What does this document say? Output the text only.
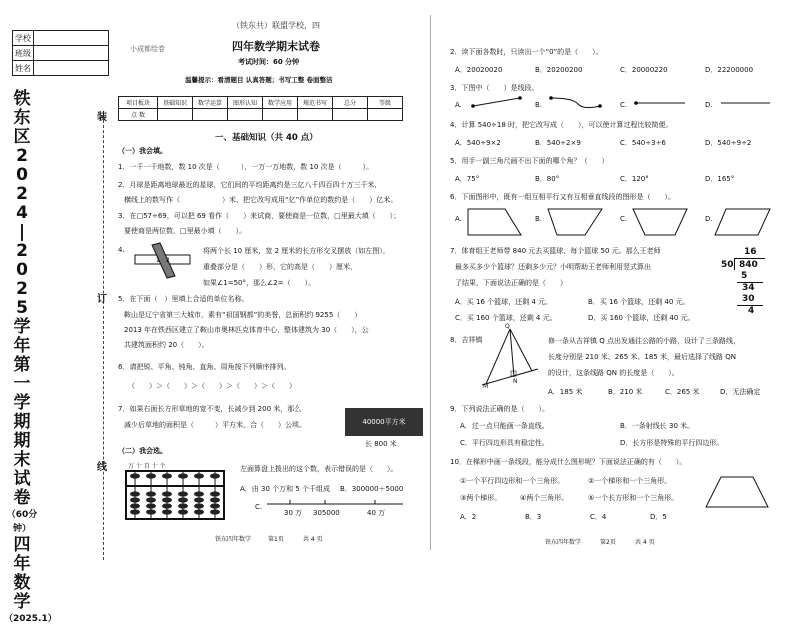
学校	
班级	
姓名	
铁
东
区
2
0
2
4
|
2
0
2
5
学
年
第
一
学
期
期
末
试
卷
（60分钟）
四
年
数
学
（2025.1）
装
订
线
（铁东共）联盟学校，四
小成都绘卷	四年数学期末试卷
考试时间：60 分钟
温馨提示：看清题目 认真答题；书写工整 卷面整洁
项目板块	基础知识	数学运算	图形认知	数学应用	规范书写	总分	等级
点 数							
一、基础知识（共 40 点）
（一）我会填。
1．一千一千地数，数 10 次是（　　　），一万一万地数，数 10 次是（　　　）。
2．月球是距离地球最近的星球，它们间的平均距离约是三亿八千四百四十万三千米，
横线上的数写作（　　　　　　）米，把它改写成用“亿”作单位的数约是（　　）亿米。
3．在□57÷69，可以把 69 看作（　　）来试商，要使商是一位数，□里最大填（　　）；
要使商是两位数，□里最小填（　　）。
4.
1 2
将两个长 10 厘米，宽 2 厘米的长方形交叉摆放（如左图），
重叠部分是（　　）形，它的高是（　　）厘米，
如果∠1=50°，那么∠2=（　　）。
5．在下面（　）里填上合适的单位名称。
鞍山是辽宁省第三大城市，素有“祖国钢都”的美誉，总面积约 9255（　　）
2013 年在铁西区建立了鞍山市奥林匹克体育中心，整体建筑为 30（　　），公
共建筑面积约 20（　　）。
6．请把锐、平角、钝角、直角、周角按下列顺序排列。
（　　）＞（　　）＞（　　）＞（　　）＞（　　）
7．如果右面长方形草地的宽不变，长减少到 200 米，那么
减少后草地的面积是（　　　）平方米，合（　　）公顷。	40000平方米
长 800 米
（二）我会选。
万 十 百 十 个	左面算盘上拨出的这个数，表示错误的是（　　）。
A．由 30 个万和 5 个千组成 B．300000＋5000
C.
30 万 305000	40 万
铁东四年数学	第1页	共 4 页
2．读下面各数时，只读出一个“0”的是（　　）。
A．20020020	B．20200200	C．20000220	D．22200000
3．下图中（　　）是线段。
A.	B.	C.	D.
4．计算 540÷18 时，把它改写成（　　），可以使计算过程比较简便。
A．540÷9×2	B．540÷2×9	C．540÷3÷6	D．540÷9÷2
5．用手一副三角尺画不出下面的哪个角？（　　）
A．75°	B．80°	C．120°	D．165°
6．下面图形中，既有一组互相平行又有互相垂直线段的图形是（　　）。
A.	B.	C.	D.
7．体育组王老师带 840 元去买篮球，每个篮球 50 元。那么王老师
最多买多少个篮球？还剩多少元？小明帮助王老师利用竖式算出
了结果，下面说法正确的是（　　）
A．买 16 个篮球，还剩 4 元。	B．买 16 个篮球，还剩 40 元。
C．买 160 个篮球，还剩 4 元。	D．买 160 个篮球，还剩 40 元。
16
50 840
5
34
30
4
8．吉祥镇
Q
M
N
修一条从吉祥镇 Q 点出发通往公路的小路，设计了三条路线，
长度分别是 210 米、265 米、185 米，最后选择了线路 QN
的设计，这条线路 QN 的长度是（　　）。
A．185 米	B．210 米	C．265 米	D．无法确定
9．下列说法正确的是（　　）。
A．过一点只能画一条直线。	B．一条射线长 30 米。
C．平行四边形具有稳定性。	D．长方形是特殊的平行四边形。
10．在梯形中画一条线段，能分成什么图形呢？下面说法正确的有（　　）。
①一个平行四边形和一个三角形。	②一个梯形和一个三角形。
③两个梯形。	④两个三角形。	⑤一个长方形和一个三角形。
A．2	B．3	C．4	D．5
铁东四年数学	第2页	共 4 页
